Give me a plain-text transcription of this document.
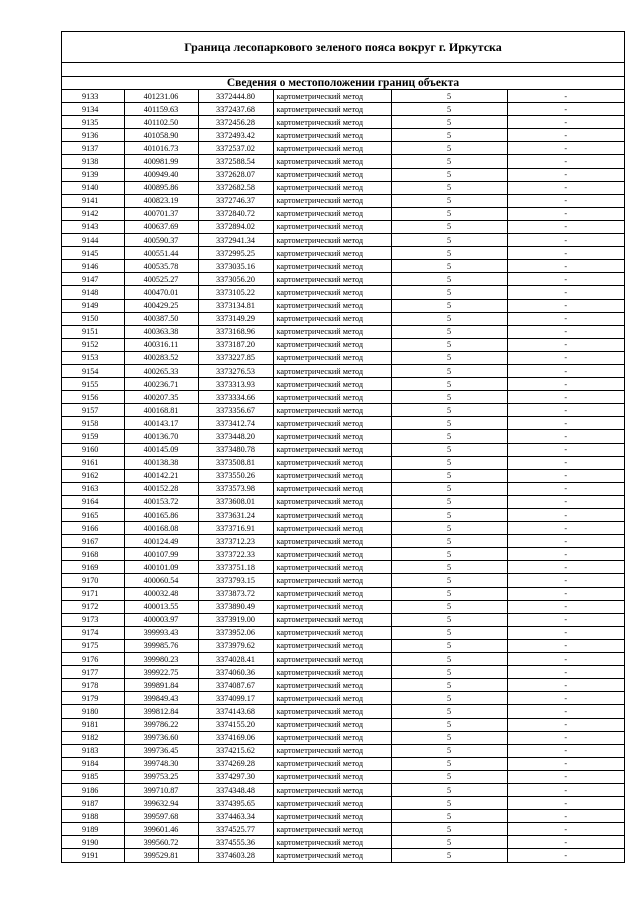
Граница лесопаркового зеленого пояса вокруг г. Иркутска
Сведения о местоположении границ объекта
9133	401231.06	3372444.80	картометрический метод	5	-
9134	401159.63	3372437.68	картометрический метод	5	-
9135	401102.50	3372456.28	картометрический метод	5	-
9136	401058.90	3372493.42	картометрический метод	5	-
9137	401016.73	3372537.02	картометрический метод	5	-
9138	400981.99	3372588.54	картометрический метод	5	-
9139	400949.40	3372628.07	картометрический метод	5	-
9140	400895.86	3372682.58	картометрический метод	5	-
9141	400823.19	3372746.37	картометрический метод	5	-
9142	400701.37	3372840.72	картометрический метод	5	-
9143	400637.69	3372894.02	картометрический метод	5	-
9144	400590.37	3372941.34	картометрический метод	5	-
9145	400551.44	3372995.25	картометрический метод	5	-
9146	400535.78	3373035.16	картометрический метод	5	-
9147	400525.27	3373056.20	картометрический метод	5	-
9148	400470.01	3373105.22	картометрический метод	5	-
9149	400429.25	3373134.81	картометрический метод	5	-
9150	400387.50	3373149.29	картометрический метод	5	-
9151	400363.38	3373168.96	картометрический метод	5	-
9152	400316.11	3373187.20	картометрический метод	5	-
9153	400283.52	3373227.85	картометрический метод	5	-
9154	400265.33	3373276.53	картометрический метод	5	-
9155	400236.71	3373313.93	картометрический метод	5	-
9156	400207.35	3373334.66	картометрический метод	5	-
9157	400168.81	3373356.67	картометрический метод	5	-
9158	400143.17	3373412.74	картометрический метод	5	-
9159	400136.70	3373448.20	картометрический метод	5	-
9160	400145.09	3373480.78	картометрический метод	5	-
9161	400138.38	3373508.81	картометрический метод	5	-
9162	400142.21	3373550.26	картометрический метод	5	-
9163	400152.28	3373573.98	картометрический метод	5	-
9164	400153.72	3373608.01	картометрический метод	5	-
9165	400165.86	3373631.24	картометрический метод	5	-
9166	400168.08	3373716.91	картометрический метод	5	-
9167	400124.49	3373712.23	картометрический метод	5	-
9168	400107.99	3373722.33	картометрический метод	5	-
9169	400101.09	3373751.18	картометрический метод	5	-
9170	400060.54	3373793.15	картометрический метод	5	-
9171	400032.48	3373873.72	картометрический метод	5	-
9172	400013.55	3373890.49	картометрический метод	5	-
9173	400003.97	3373919.00	картометрический метод	5	-
9174	399993.43	3373952.06	картометрический метод	5	-
9175	399985.76	3373979.62	картометрический метод	5	-
9176	399980.23	3374028.41	картометрический метод	5	-
9177	399922.75	3374060.36	картометрический метод	5	-
9178	399891.84	3374087.67	картометрический метод	5	-
9179	399849.43	3374099.17	картометрический метод	5	-
9180	399812.84	3374143.68	картометрический метод	5	-
9181	399786.22	3374155.20	картометрический метод	5	-
9182	399736.60	3374169.06	картометрический метод	5	-
9183	399736.45	3374215.62	картометрический метод	5	-
9184	399748.30	3374269.28	картометрический метод	5	-
9185	399753.25	3374297.30	картометрический метод	5	-
9186	399710.87	3374348.48	картометрический метод	5	-
9187	399632.94	3374395.65	картометрический метод	5	-
9188	399597.68	3374463.34	картометрический метод	5	-
9189	399601.46	3374525.77	картометрический метод	5	-
9190	399560.72	3374555.36	картометрический метод	5	-
9191	399529.81	3374603.28	картометрический метод	5	-
